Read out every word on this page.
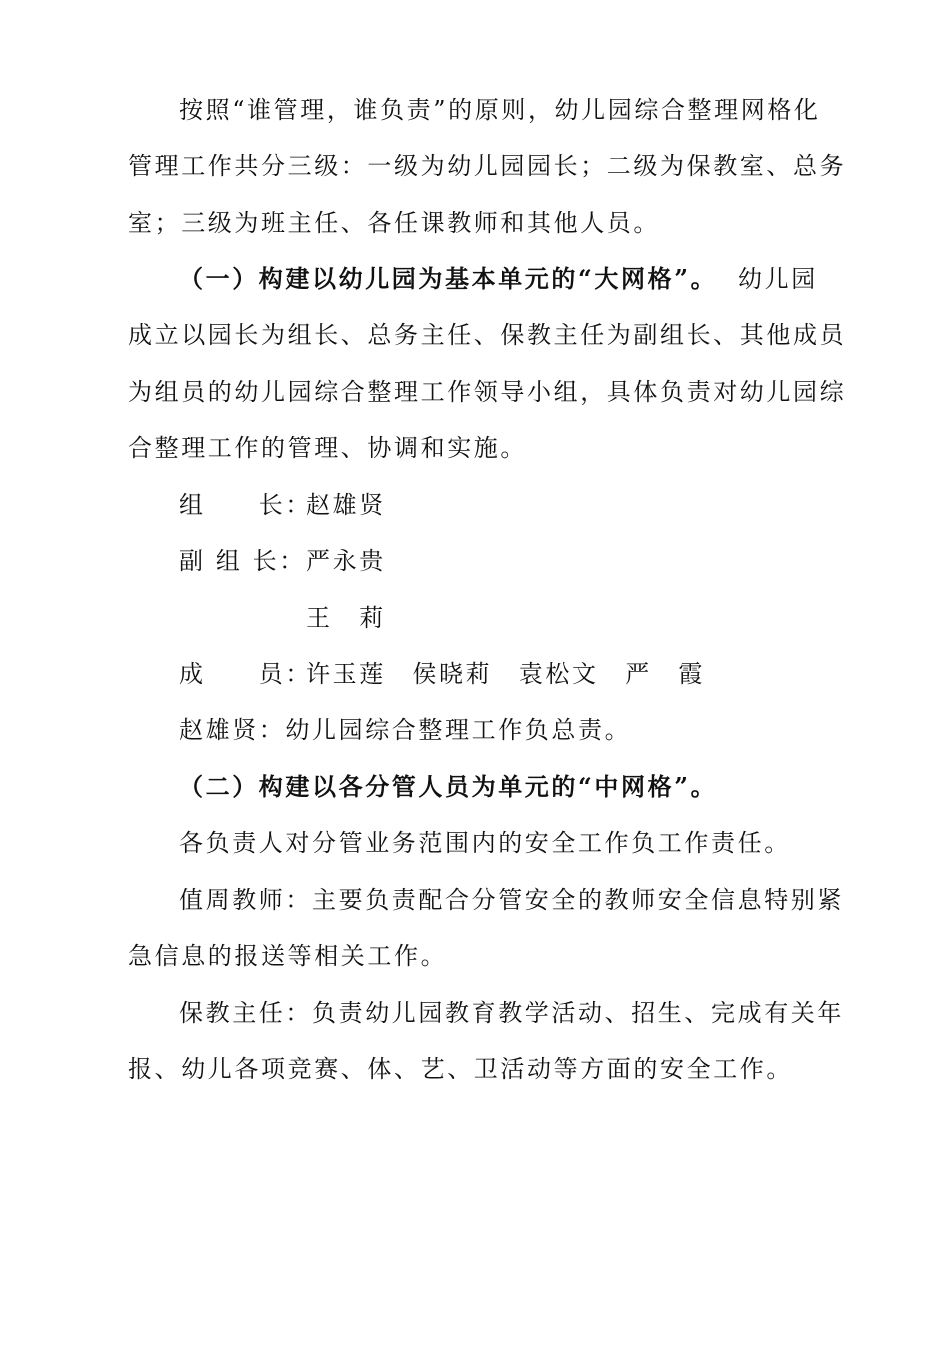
按照“谁管理，谁负责”的原则，幼儿园综合整理网格化
管理工作共分三级：一级为幼儿园园长；二级为保教室、总务
室；三级为班主任、各任课教师和其他人员。
（一）构建以幼儿园为基本单元的“大网格”。 幼儿园
成立以园长为组长、总务主任、保教主任为副组长、其他成员
为组员的幼儿园综合整理工作领导小组，具体负责对幼儿园综
合整理工作的管理、协调和实施。
组　　长：
赵雄贤
副 组 长： 严永贵
王　莉
成　　员：
许玉莲　侯晓莉　袁松文　严　霞
赵雄贤：幼儿园综合整理工作负总责。
（二）构建以各分管人员为单元的“中网格”。
各负责人对分管业务范围内的安全工作负工作责任。
值周教师：主要负责配合分管安全的教师安全信息特别紧
急信息的报送等相关工作。
保教主任：负责幼儿园教育教学活动、招生、完成有关年
报、幼儿各项竞赛、体、艺、卫活动等方面的安全工作。
